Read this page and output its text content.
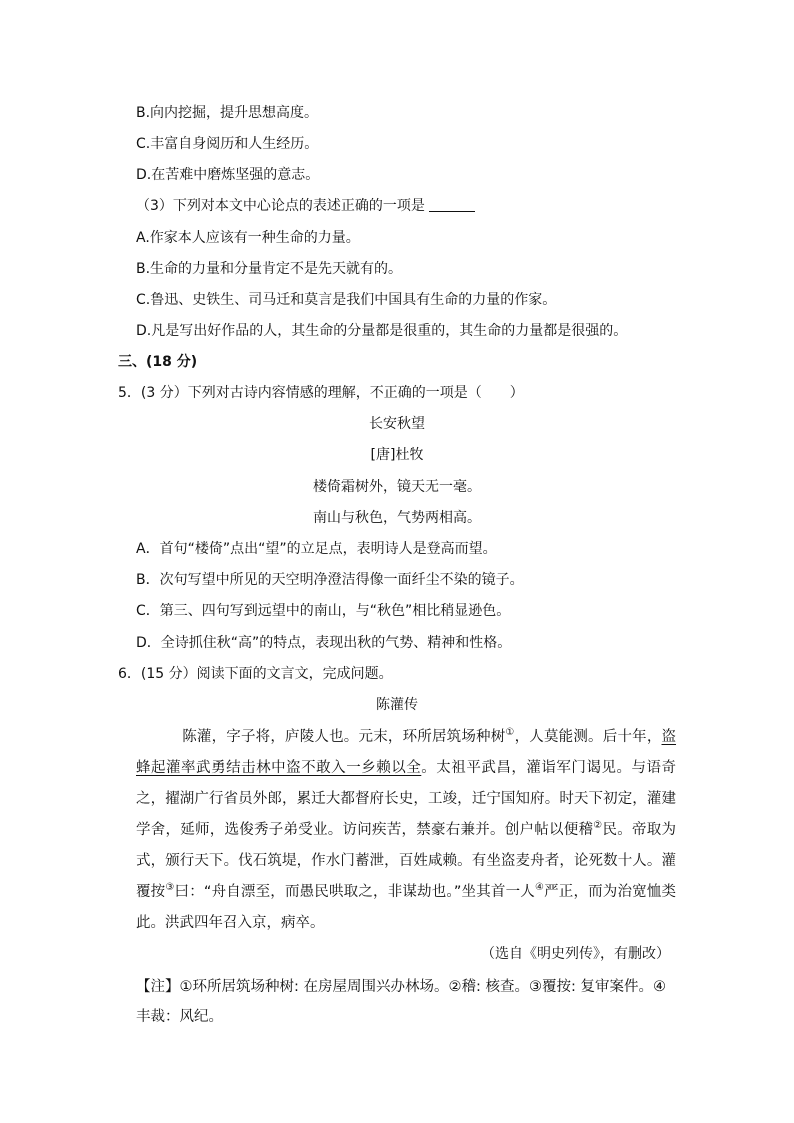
B.向内挖掘，提升思想高度。
C.丰富自身阅历和人生经历。
D.在苦难中磨炼坚强的意志。
（3）下列对本文中心论点的表述正确的一项是
A.作家本人应该有一种生命的力量。
B.生命的力量和分量肯定不是先天就有的。
C.鲁迅、史铁生、司马迁和莫言是我们中国具有生命的力量的作家。
D.凡是写出好作品的人，其生命的分量都是很重的，其生命的力量都是很强的。
三、(18 分)
5．(3 分）下列对古诗内容情感的理解，不正确的一项是（　　）
长安秋望
[唐]杜牧
楼倚霜树外，镜天无一毫。
南山与秋色，气势两相高。
A．首句“楼倚”点出“望”的立足点，表明诗人是登高而望。
B．次句写望中所见的天空明净澄洁得像一面纤尘不染的镜子。
C．第三、四句写到远望中的南山，与“秋色”相比稍显逊色。
D．全诗抓住秋“高”的特点，表现出秋的气势、精神和性格。
6．(15 分）阅读下面的文言文，完成问题。
陈灌传
陈灌，字子将，庐陵人也。元末，环所居筑场种树①，人莫能测。后十年，盗蜂起灌率武勇结击林中盗不敢入一乡赖以全。太祖平武昌，灌诣军门谒见。与语奇之，擢湖广行省员外郎，累迁大都督府长史，工竣，迁宁国知府。时天下初定，灌建学舍，延师，选俊秀子弟受业。访问疾苦，禁豪右兼并。创户帖以便稽②民。帝取为式，颁行天下。伐石筑堤，作水门蓄泄，百姓咸赖。有坐盗麦舟者，论死数十人。灌覆按③曰：“舟自漂至，而愚民哄取之，非谋劫也。”坐其首一人④严正，而为治宽恤类此。洪武四年召入京，病卒。
（选自《明史列传》，有删改）
【注】①环所居筑场种树: 在房屋周围兴办林场。②稽: 核查。③覆按: 复审案件。④丰裁：风纪。
